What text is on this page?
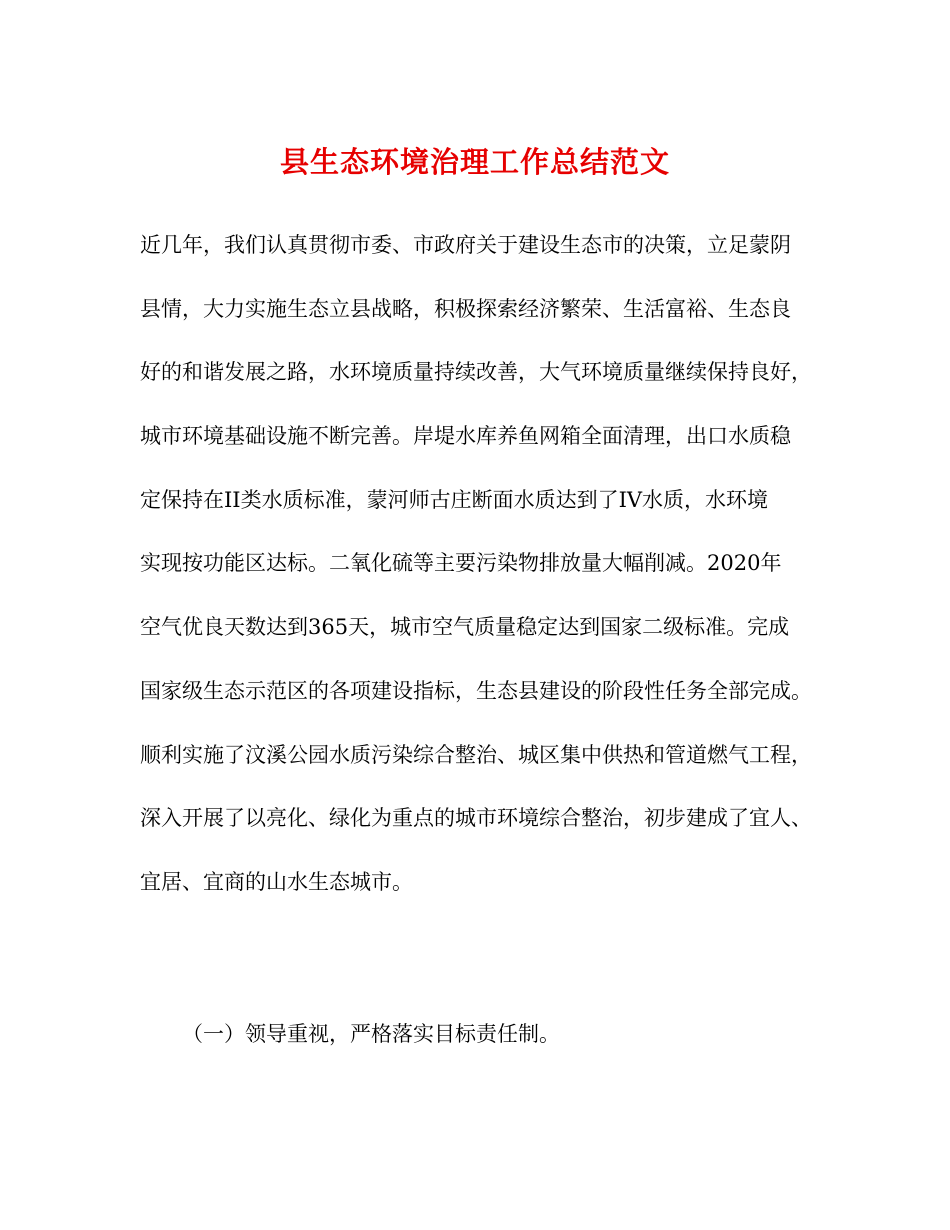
县生态环境治理工作总结范文
近几年，我们认真贯彻市委、市政府关于建设生态市的决策，立足蒙阴
县情，大力实施生态立县战略，积极探索经济繁荣、生活富裕、生态良
好的和谐发展之路，水环境质量持续改善，大气环境质量继续保持良好，
城市环境基础设施不断完善。岸堤水库养鱼网箱全面清理，出口水质稳
定保持在II类水质标准，蒙河师古庄断面水质达到了IV水质，水环境
实现按功能区达标。二氧化硫等主要污染物排放量大幅削减。2020年
空气优良天数达到365天，城市空气质量稳定达到国家二级标准。完成
国家级生态示范区的各项建设指标，生态县建设的阶段性任务全部完成。
顺利实施了汶溪公园水质污染综合整治、城区集中供热和管道燃气工程，
深入开展了以亮化、绿化为重点的城市环境综合整治，初步建成了宜人、
宜居、宜商的山水生态城市。
（一）领导重视，严格落实目标责任制。
